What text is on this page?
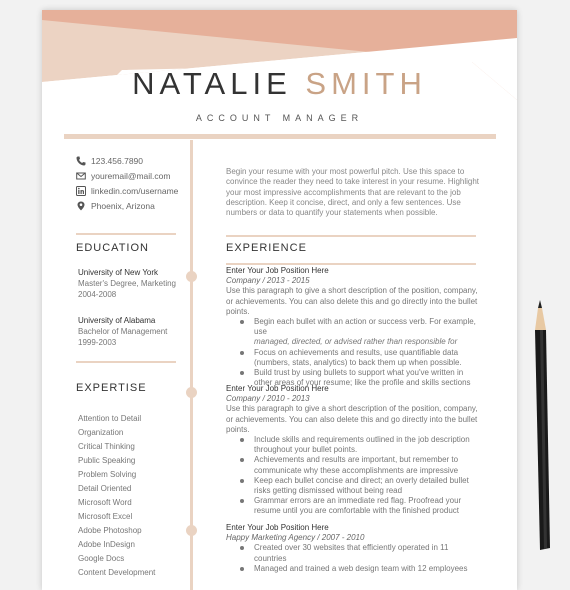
NATALIE SMITH
ACCOUNT MANAGER
123.456.7890
youremail@mail.com
linkedin.com/username
Phoenix, Arizona
EDUCATION
University of New York
Master's Degree, Marketing
2004-2008
University of Alabama
Bachelor of Management
1999-2003
EXPERTISE
Attention to Detail
Organization
Critical Thinking
Public Speaking
Problem Solving
Detail Oriented
Microsoft Word
Microsoft Excel
Adobe Photoshop
Adobe InDesign
Google Docs
Content Development
Begin your resume with your most powerful pitch. Use this space to convince the reader they need to take interest in your resume. Highlight your most impressive accomplishments that are relevant to the job description. Keep it concise, direct, and only a few sentences. Use numbers or data to quantify your statements when possible.
EXPERIENCE
Enter Your Job Position Here
Company / 2013 - 2015
Use this paragraph to give a short description of the position, company,
or achievements. You can also delete this and go directly into the bullet
points.
Begin each bullet with an action or success verb. For example, use
managed, directed, or advised rather than responsible for
Focus on achievements and results, use quantifiable data
(numbers, stats, analytics) to back them up when possible.
Build trust by using bullets to support what you've written in
other areas of your resume; like the profile and skills sections
Enter Your Job Position Here
Company / 2010 - 2013
Use this paragraph to give a short description of the position, company,
or achievements. You can also delete this and go directly into the bullet
points.
Include skills and requirements outlined in the job description
throughout your bullet points.
Achievements and results are important, but remember to
communicate why these accomplishments are impressive
Keep each bullet concise and direct; an overly detailed bullet
risks getting dismissed without being read
Grammar errors are an immediate red flag. Proofread your
resume until you are comfortable with the finished product
Enter Your Job Position Here
Happy Marketing Agency / 2007 - 2010
Created over 30 websites that efficiently operated in 11
countries
Managed and trained a web design team with 12 employees
